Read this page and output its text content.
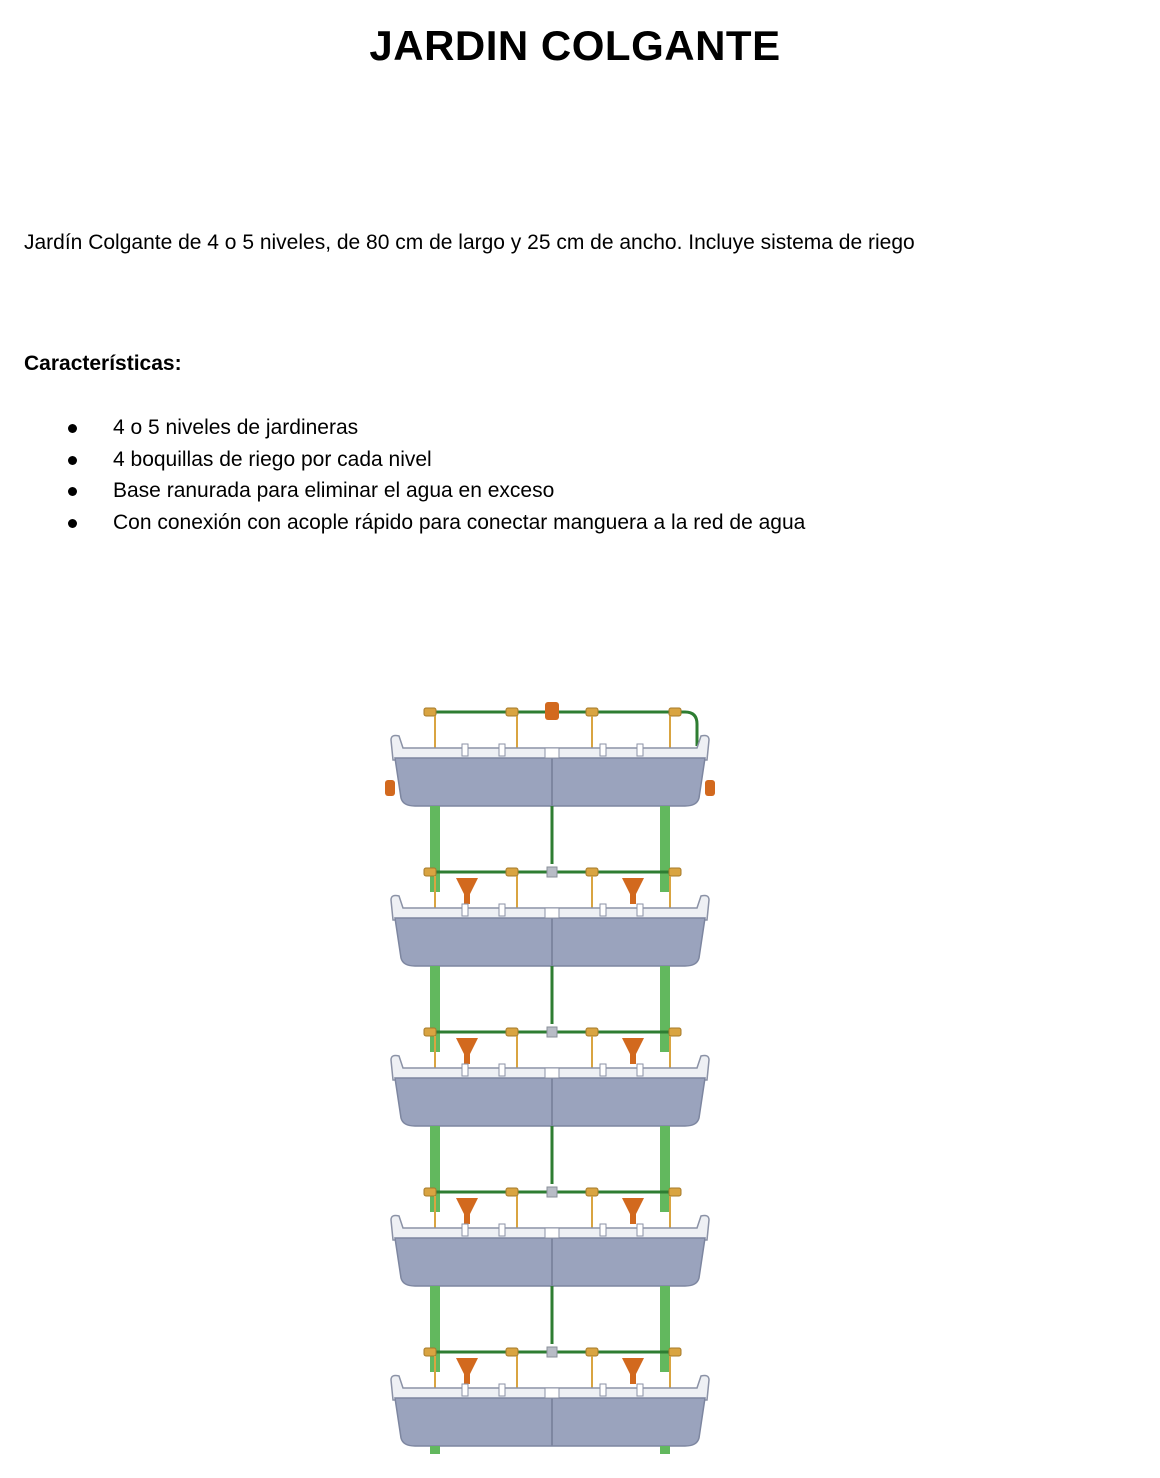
JARDIN COLGANTE

Jardín Colgante de 4 o 5 niveles, de 80 cm de largo y 25 cm de ancho. Incluye sistema de riego

Características:

4 o 5 niveles de jardineras
4 boquillas de riego por cada nivel
Base ranurada para eliminar el agua en exceso
Con conexión con acople rápido para conectar manguera a la red de agua
